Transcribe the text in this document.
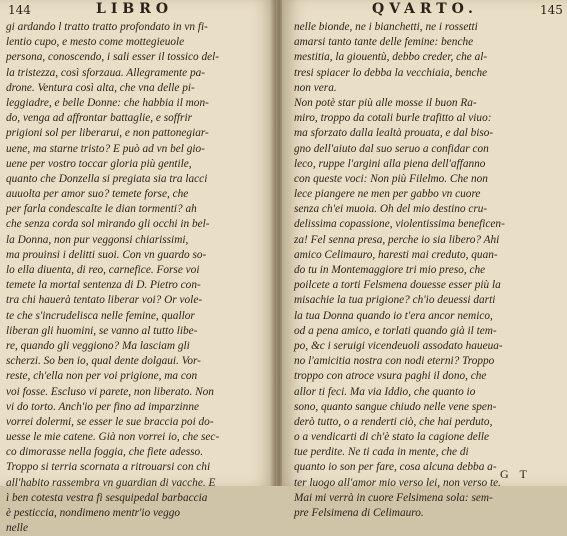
144	LIBRO
gi ardando l tratto tratto profondato in vn fi-
lentio cupo, e mesto come mottegieuole
persona, conoscendo, i sali esser il tossico del-
la tristezza, così sforzaua. Allegramente pa-
drone. Ventura così alta, che vna delle pi-
leggiadre, e belle Donne: che habbia il mon-
do, venga ad affrontar battaglie, e soffrir
prigioni sol per liberarui, e non pattonegiar-
uene, ma starne tristo? E può ad vn bel gio-
uene per vostro toccar gloria più gentile,
quanto che Donzella si pregiata sia tra lacci
auuolta per amor suo? temete forse, che
per farla condescalte le dian tormenti? ah
che senza corda sol mirando gli occhi in bel-
la Donna, non pur veggonsi chiarissimi,
ma prouinsi i delitti suoi. Con vn guardo so-
lo ella diuenta, di reo, carnefice. Forse voi
temete la mortal sentenza di D. Pietro con-
tra chi hauerà tentato liberar voi? Or vole-
te che s'incrudelisca nelle femine, quallor
liberan gli huomini, se vanno al tutto libe-
re, quando gli veggiono? Ma lasciam gli
scherzi. So ben io, qual dente dolgaui. Vor-
reste, ch'ella non per voi prigione, ma con
voi fosse. Escluso vi parete, non liberato. Non
vi do torto. Anch'io per fino ad imparzinne
vorrei dolermi, se esser le sue braccia poi do-
uesse le mie catene. Già non vorrei io, che sec-
co dimorasse nella foggia, che fiete adesso.
Troppo si terria scornata a ritrouarsi con chi
all'habito rassembra vn guardian di vacche. E
ì ben cotesta vestra fi sesquipedal barbaccia
è pesticcia, nondimeno mentr'io veggo
nelle
QVARTO.	145
nelle bionde, ne i bianchetti, ne i rossetti
amarsi tanto tante delle femine: benche
mestitia, la giouentù, debbo creder, che al-
tresi spiacer lo debba la vecchiaia, benche
non vera.
Non potè star più alle mosse il buon Ra-
miro, troppo da cotali burle trafitto al viuo:
ma sforzato dalla lealtà prouata, e dal biso-
gno dell'aiuto dal suo seruo a confidar con
leco, ruppe l'argini alla piena dell'affanno
con queste voci: Non più Filelmo. Che non
lece piangere ne men per gabbo vn cuore
senza ch'ei muoia. Oh del mio destino cru-
delissima copassione, violentissima beneficen-
za! Fel senna presa, perche io sia libero? Ahi
amico Celimauro, haresti mai creduto, quan-
do tu in Montemaggiore tri mio preso, che
poilcete a torti Felsmena douesse esser più la
misachie la tua prigione? ch'io deuessi darti
la tua Donna quando io t'era ancor nemico,
od a pena amico, e torlati quando già il tem-
po, &c i seruigi vicendeuoli assodato haueua-
no l'amicitia nostra con nodi eterni? Troppo
troppo con atroce vsura paghi il dono, che
allor ti feci. Ma via Iddio, che quanto io
sono, quanto sangue chiudo nelle vene spen-
derò tutto, o a renderti ciò, che hai perduto,
o a vendicarti di ch'è stato la cagione delle
tue perdite. Ne ti cada in mente, che di
quanto io son per fare, cosa alcuna debba a-
ter luogo all'amor mio verso lei, non verso te.
Mai mi verrà in cuore Felsimena sola: sem-
pre Felsimena di Celimauro.
G T
